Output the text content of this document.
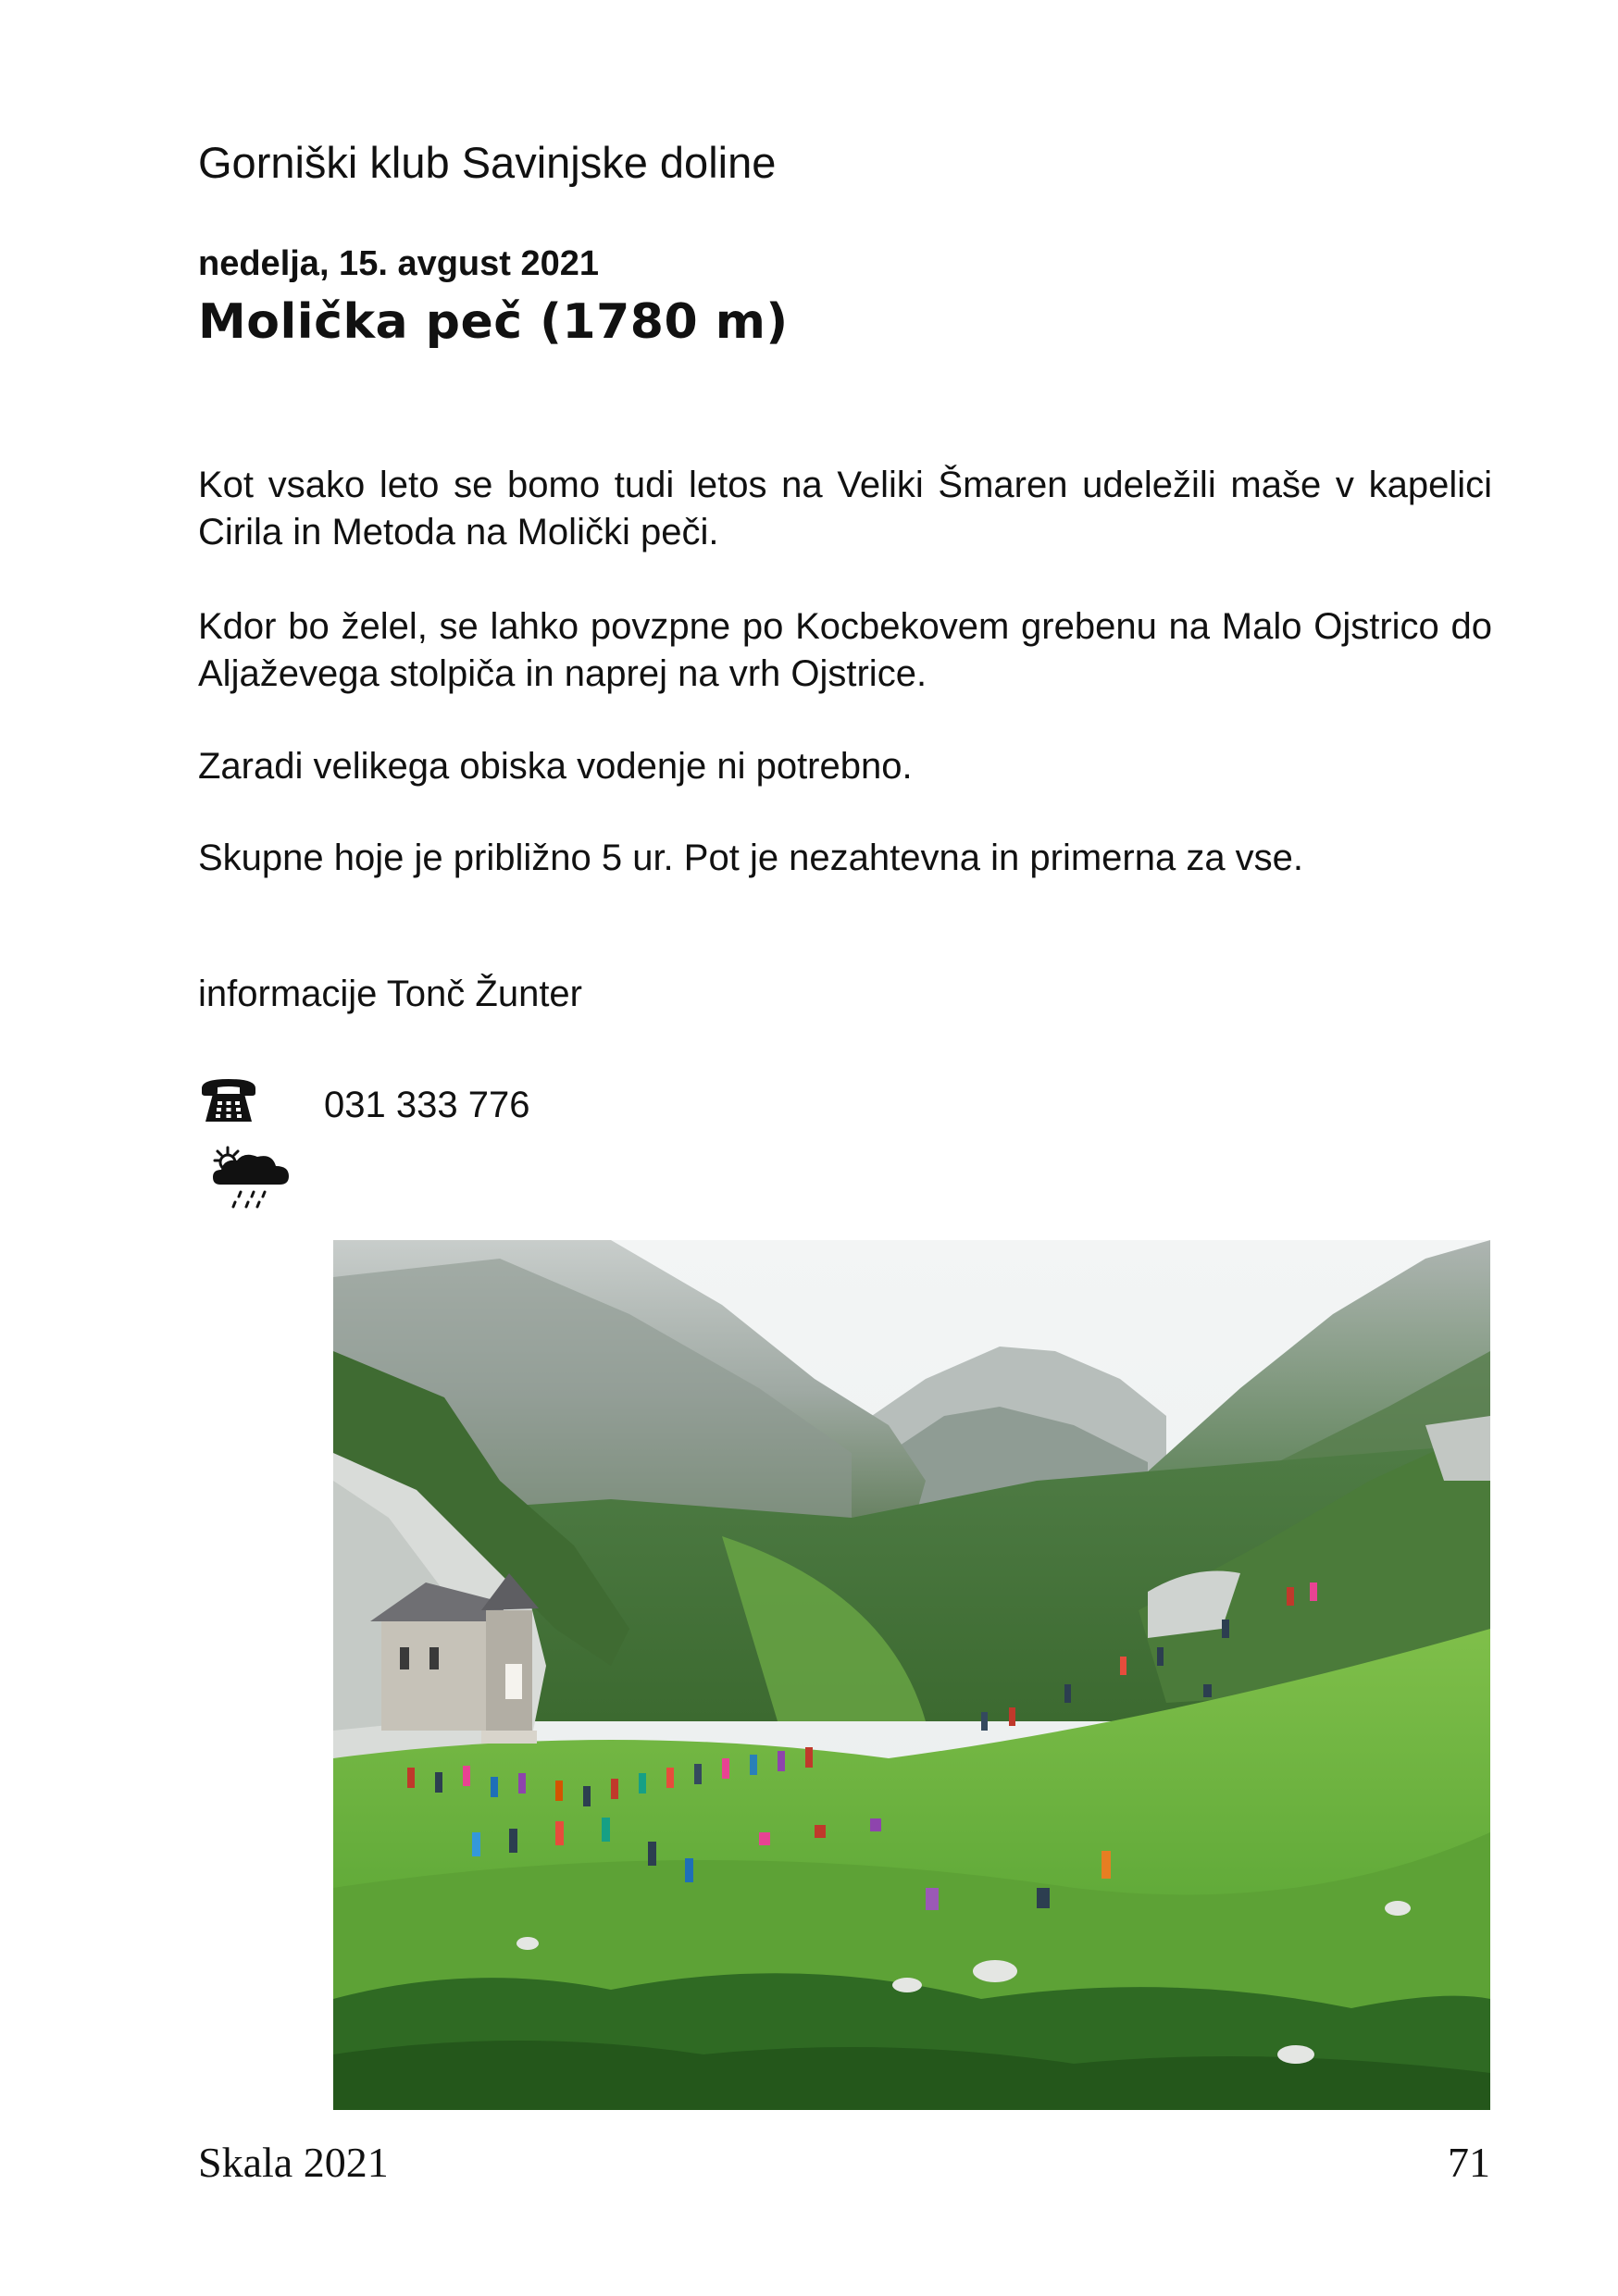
Gorniški klub Savinjske doline
nedelja, 15. avgust 2021
Molička peč (1780 m)
Kot vsako leto se bomo tudi letos na Veliki Šmaren udeležili maše v kapelici Cirila in Metoda na Molički peči.
Kdor bo želel, se lahko povzpne po Kocbekovem grebenu na Malo Ojstrico do Aljaževega stolpiča in naprej na vrh Ojstrice.
Zaradi velikega obiska vodenje ni potrebno.
Skupne hoje je približno 5 ur. Pot je nezahtevna in primerna za vse.
informacije Tonč Žunter
031 333 776
Skala 2021	71
